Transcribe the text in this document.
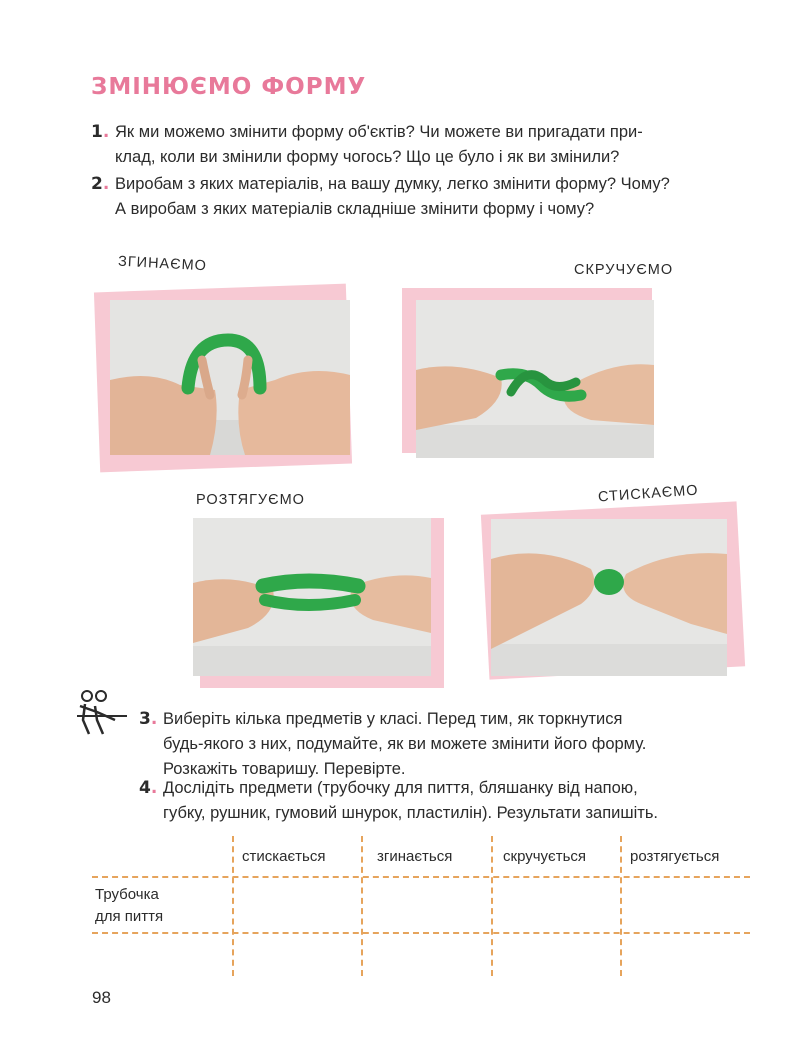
ЗМІНЮЄМО ФОРМУ
1. Як ми можемо змінити форму об'єктів? Чи можете ви пригадати при-
клад, коли ви змінили форму чогось? Що це було і як ви змінили?
2. Виробам з яких матеріалів, на вашу думку, легко змінити форму? Чому?
А виробам з яких матеріалів складніше змінити форму і чому?
ЗГИНАЄМО	СКРУЧУЄМО
РОЗТЯГУЄМО	СТИСКАЄМО
3. Виберіть кілька предметів у класі. Перед тим, як торкнутися
будь-якого з них, подумайте, як ви можете змінити його форму.
Розкажіть товаришу. Перевірте.
4. Дослідіть предмети (трубочку для пиття, бляшанку від напою,
губку, рушник, гумовий шнурок, пластилін). Результати запишіть.
стискається	згинається	скручується	розтягується
Трубочка
для пиття
98
